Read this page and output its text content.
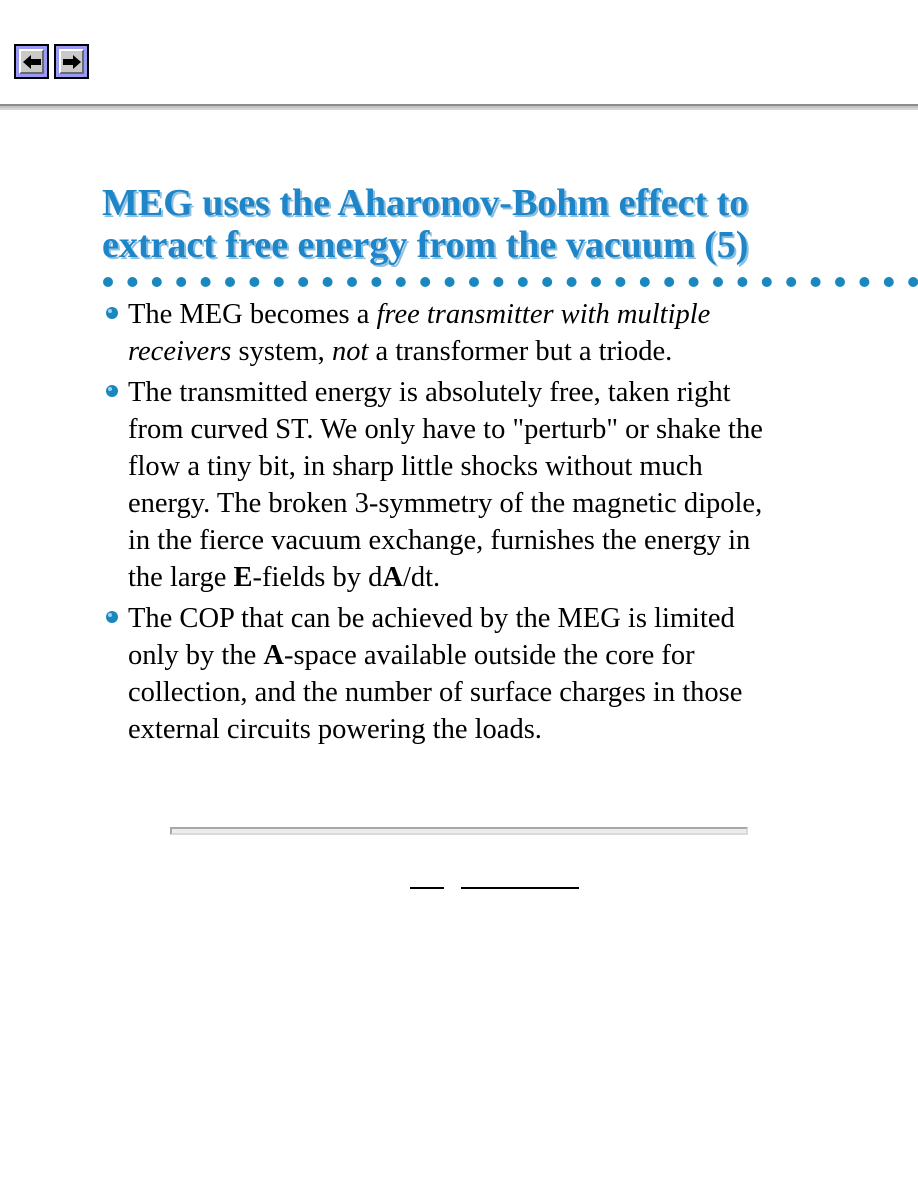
MEG uses the Aharonov-Bohm effect to
extract free energy from the vacuum (5)
The MEG becomes a free transmitter with multiple
receivers system, not a transformer but a triode.
The transmitted energy is absolutely free, taken right
from curved ST. We only have to "perturb" or shake the
flow a tiny bit, in sharp little shocks without much
energy. The broken 3-symmetry of the magnetic dipole,
in the fierce vacuum exchange, furnishes the energy in
the large E-fields by dA/dt.
The COP that can be achieved by the MEG is limited
only by the A-space available outside the core for
collection, and the number of surface charges in those
external circuits powering the loads.
